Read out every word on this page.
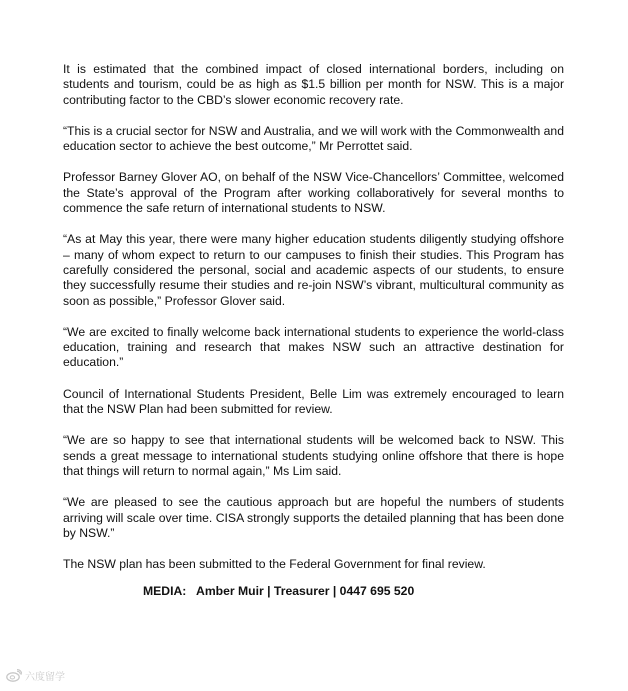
It is estimated that the combined impact of closed international borders, including on students and tourism, could be as high as $1.5 billion per month for NSW. This is a major contributing factor to the CBD’s slower economic recovery rate.

“This is a crucial sector for NSW and Australia, and we will work with the Commonwealth and education sector to achieve the best outcome,” Mr Perrottet said.

Professor Barney Glover AO, on behalf of the NSW Vice-Chancellors’ Committee, welcomed the State’s approval of the Program after working collaboratively for several months to commence the safe return of international students to NSW.

“As at May this year, there were many higher education students diligently studying offshore – many of whom expect to return to our campuses to finish their studies. This Program has carefully considered the personal, social and academic aspects of our students, to ensure they successfully resume their studies and re-join NSW’s vibrant, multicultural community as soon as possible,” Professor Glover said.

“We are excited to finally welcome back international students to experience the world-class education, training and research that makes NSW such an attractive destination for education.”

Council of International Students President, Belle Lim was extremely encouraged to learn that the NSW Plan had been submitted for review.

“We are so happy to see that international students will be welcomed back to NSW. This sends a great message to international students studying online offshore that there is hope that things will return to normal again,” Ms Lim said.

“We are pleased to see the cautious approach but are hopeful the numbers of students arriving will scale over time. CISA strongly supports the detailed planning that has been done by NSW.”

The NSW plan has been submitted to the Federal Government for final review.

MEDIA:   Amber Muir | Treasurer | 0447 695 520
六度留学
